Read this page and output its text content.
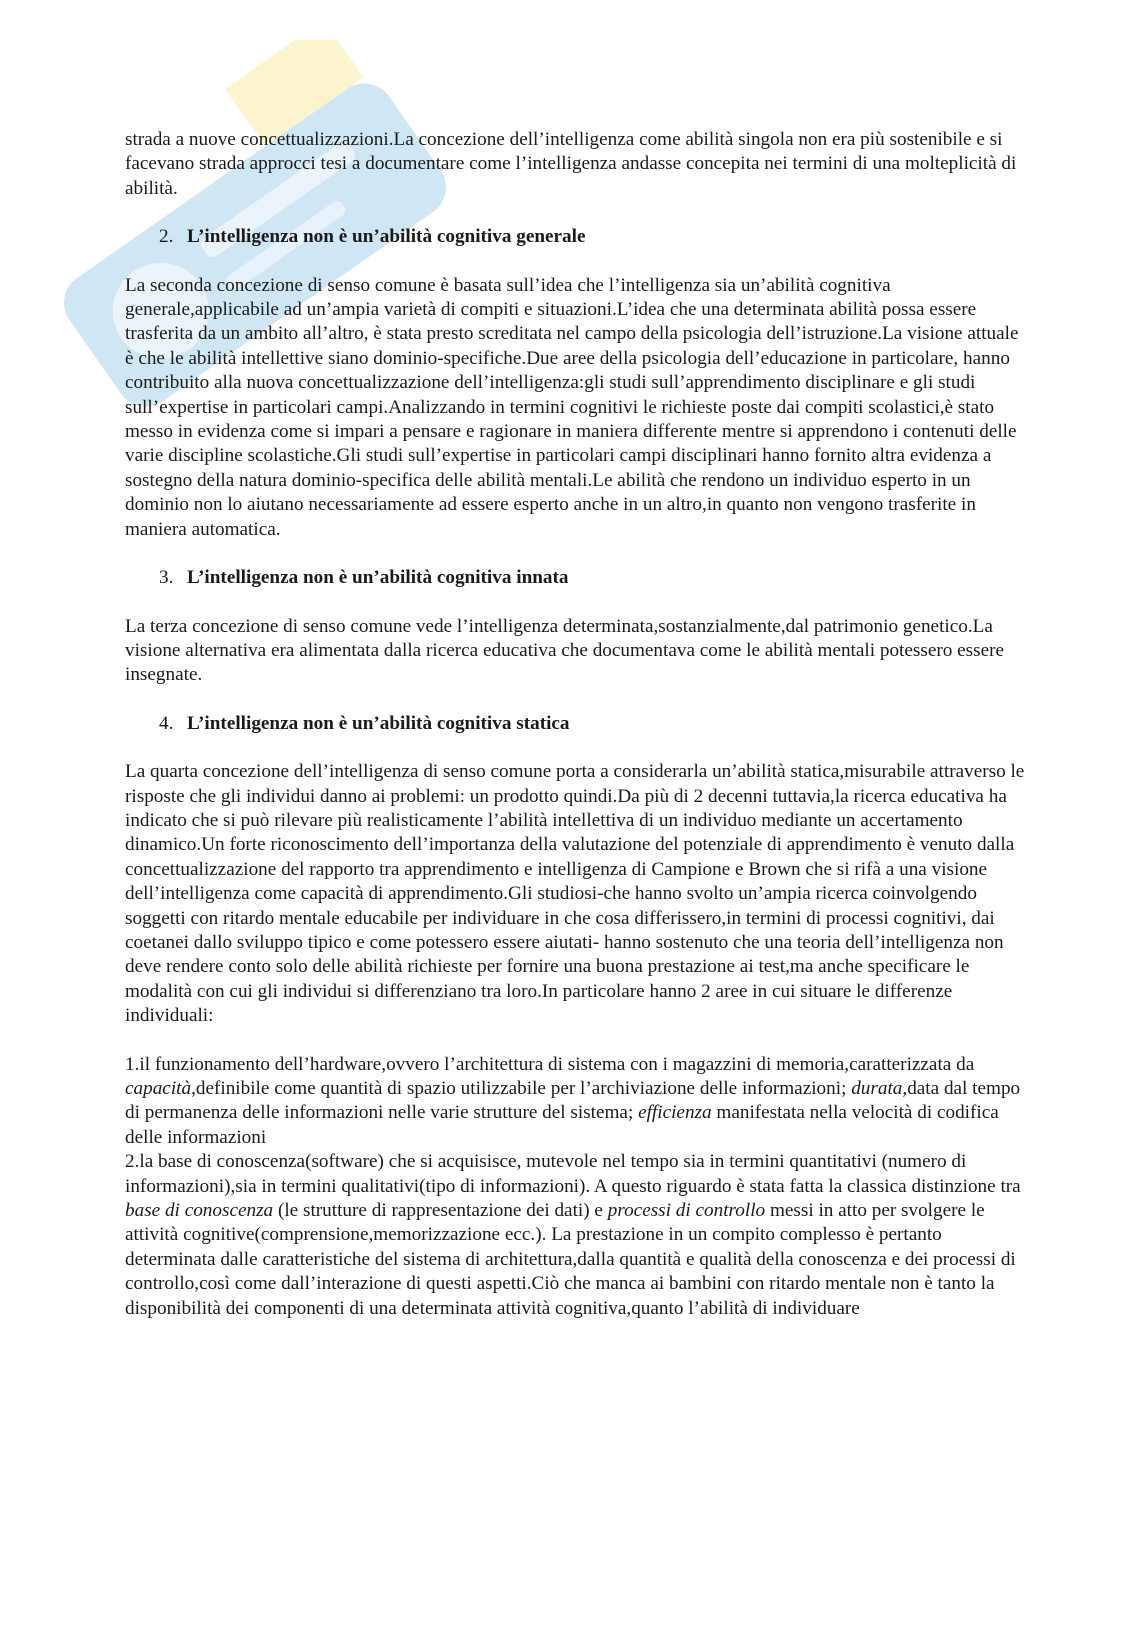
strada a nuove concettualizzazioni.La concezione dell’intelligenza come abilità singola non era più sostenibile e si facevano strada approcci tesi a documentare come l’intelligenza andasse concepita nei termini di una molteplicità di abilità.

2. L’intelligenza non è un’abilità cognitiva generale

La seconda concezione di senso comune è basata sull’idea che l’intelligenza sia un’abilità cognitiva generale,applicabile ad un’ampia varietà di compiti e situazioni.L’idea che una determinata abilità possa essere trasferita da un ambito all’altro, è stata presto screditata nel campo della psicologia dell’istruzione.La visione attuale è che le abilità intellettive siano dominio-specifiche.Due aree della psicologia dell’educazione in particolare, hanno contribuito alla nuova concettualizzazione dell’intelligenza:gli studi sull’apprendimento disciplinare e gli studi sull’expertise in particolari campi.Analizzando in termini cognitivi le richieste poste dai compiti scolastici,è stato messo in evidenza come si impari a pensare e ragionare in maniera differente mentre si apprendono i contenuti delle varie discipline scolastiche.Gli studi sull’expertise in particolari campi disciplinari hanno fornito altra evidenza a sostegno della natura dominio-specifica delle abilità mentali.Le abilità che rendono un individuo esperto in un dominio non lo aiutano necessariamente ad essere esperto anche in un altro,in quanto non vengono trasferite in maniera automatica.

3. L’intelligenza non è un’abilità cognitiva innata

La terza concezione di senso comune vede l’intelligenza determinata,sostanzialmente,dal patrimonio genetico.La visione alternativa era alimentata dalla ricerca educativa che documentava come le abilità mentali potessero essere insegnate.

4. L’intelligenza non è un’abilità cognitiva statica

La quarta concezione dell’intelligenza di senso comune porta a considerarla un’abilità statica,misurabile attraverso le risposte che gli individui danno ai problemi: un prodotto quindi.Da più di 2 decenni tuttavia,la ricerca educativa ha indicato che si può rilevare più realisticamente l’abilità intellettiva di un individuo mediante un accertamento dinamico.Un forte riconoscimento dell’importanza della valutazione del potenziale di apprendimento è venuto dalla concettualizzazione del rapporto tra apprendimento e intelligenza di Campione e Brown che si rifà a una visione dell’intelligenza come capacità di apprendimento.Gli studiosi-che hanno svolto un’ampia ricerca coinvolgendo soggetti con ritardo mentale educabile per individuare in che cosa differissero,in termini di processi cognitivi, dai coetanei dallo sviluppo tipico e come potessero essere aiutati- hanno sostenuto che una teoria dell’intelligenza non deve rendere conto solo delle abilità richieste per fornire una buona prestazione ai test,ma anche specificare le modalità con cui gli individui si differenziano tra loro.In particolare hanno 2 aree in cui situare le differenze individuali:

1.il funzionamento dell’hardware,ovvero l’architettura di sistema con i magazzini di memoria,caratterizzata da capacità,definibile come quantità di spazio utilizzabile per l’archiviazione delle informazioni; durata,data dal tempo di permanenza delle informazioni nelle varie strutture del sistema; efficienza manifestata nella velocità di codifica delle informazioni

2.la base di conoscenza(software) che si acquisisce, mutevole nel tempo sia in termini quantitativi (numero di informazioni),sia in termini qualitativi(tipo di informazioni). A questo riguardo è stata fatta la classica distinzione tra base di conoscenza (le strutture di rappresentazione dei dati) e processi di controllo messi in atto per svolgere le attività cognitive(comprensione,memorizzazione ecc.). La prestazione in un compito complesso è pertanto determinata dalle caratteristiche del sistema di architettura,dalla quantità e qualità della conoscenza e dei processi di controllo,così come dall’interazione di questi aspetti.Ciò che manca ai bambini con ritardo mentale non è tanto la disponibilità dei componenti di una determinata attività cognitiva,quanto l’abilità di individuare
